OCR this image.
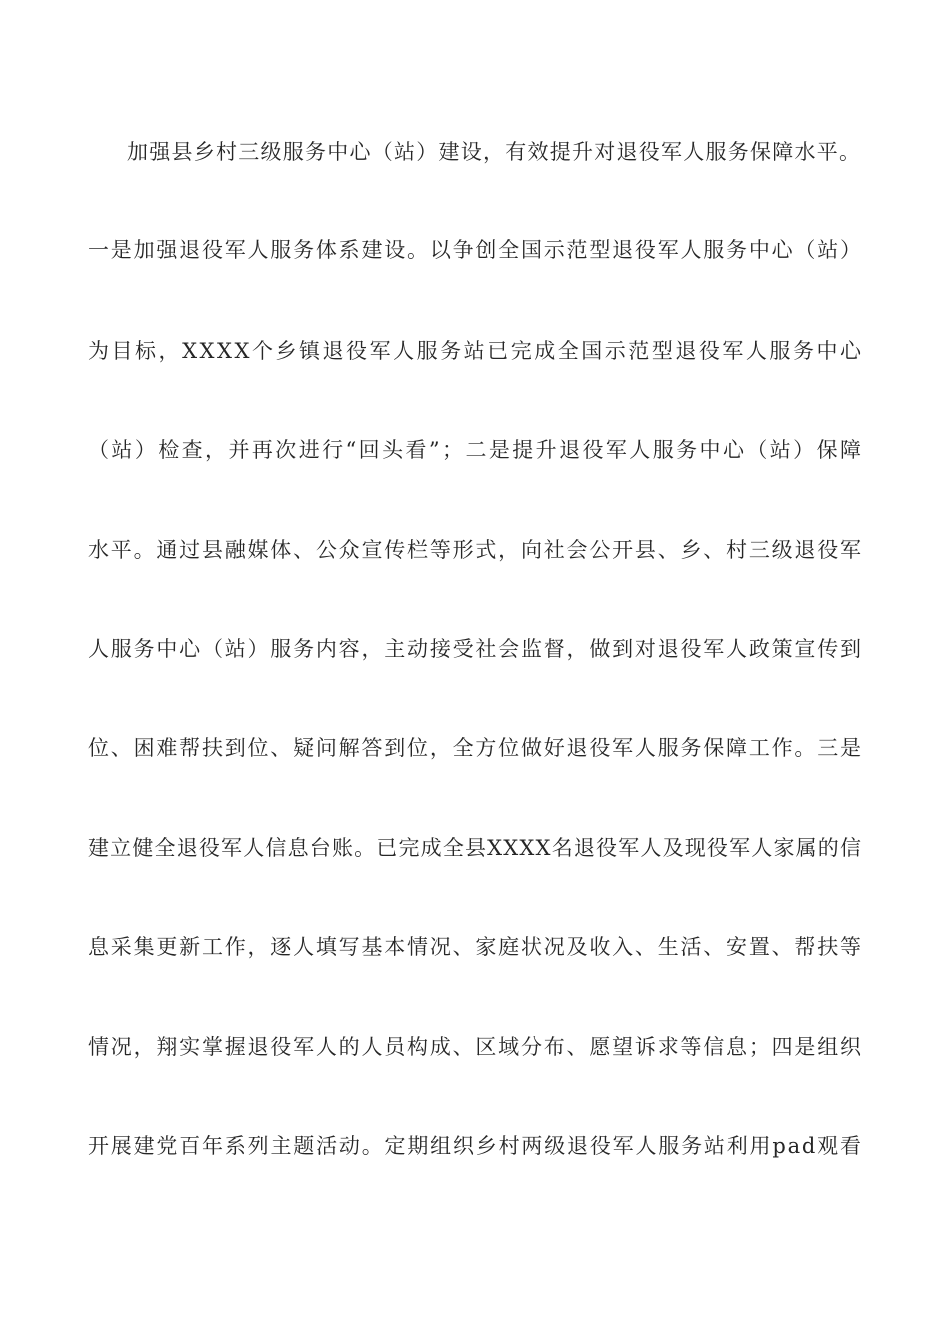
加强县乡村三级服务中心（站）建设，有效提升对退役军人服务保障水平。
一是加强退役军人服务体系建设。以争创全国示范型退役军人服务中心（站）
为目标，XXXX个乡镇退役军人服务站已完成全国示范型退役军人服务中心
（站）检查，并再次进行“回头看”；二是提升退役军人服务中心（站）保障
水平。通过县融媒体、公众宣传栏等形式，向社会公开县、乡、村三级退役军
人服务中心（站）服务内容，主动接受社会监督，做到对退役军人政策宣传到
位、困难帮扶到位、疑问解答到位，全方位做好退役军人服务保障工作。三是
建立健全退役军人信息台账。已完成全县XXXX名退役军人及现役军人家属的信
息采集更新工作，逐人填写基本情况、家庭状况及收入、生活、安置、帮扶等
情况，翔实掌握退役军人的人员构成、区域分布、愿望诉求等信息；四是组织
开展建党百年系列主题活动。定期组织乡村两级退役军人服务站利用pad观看
